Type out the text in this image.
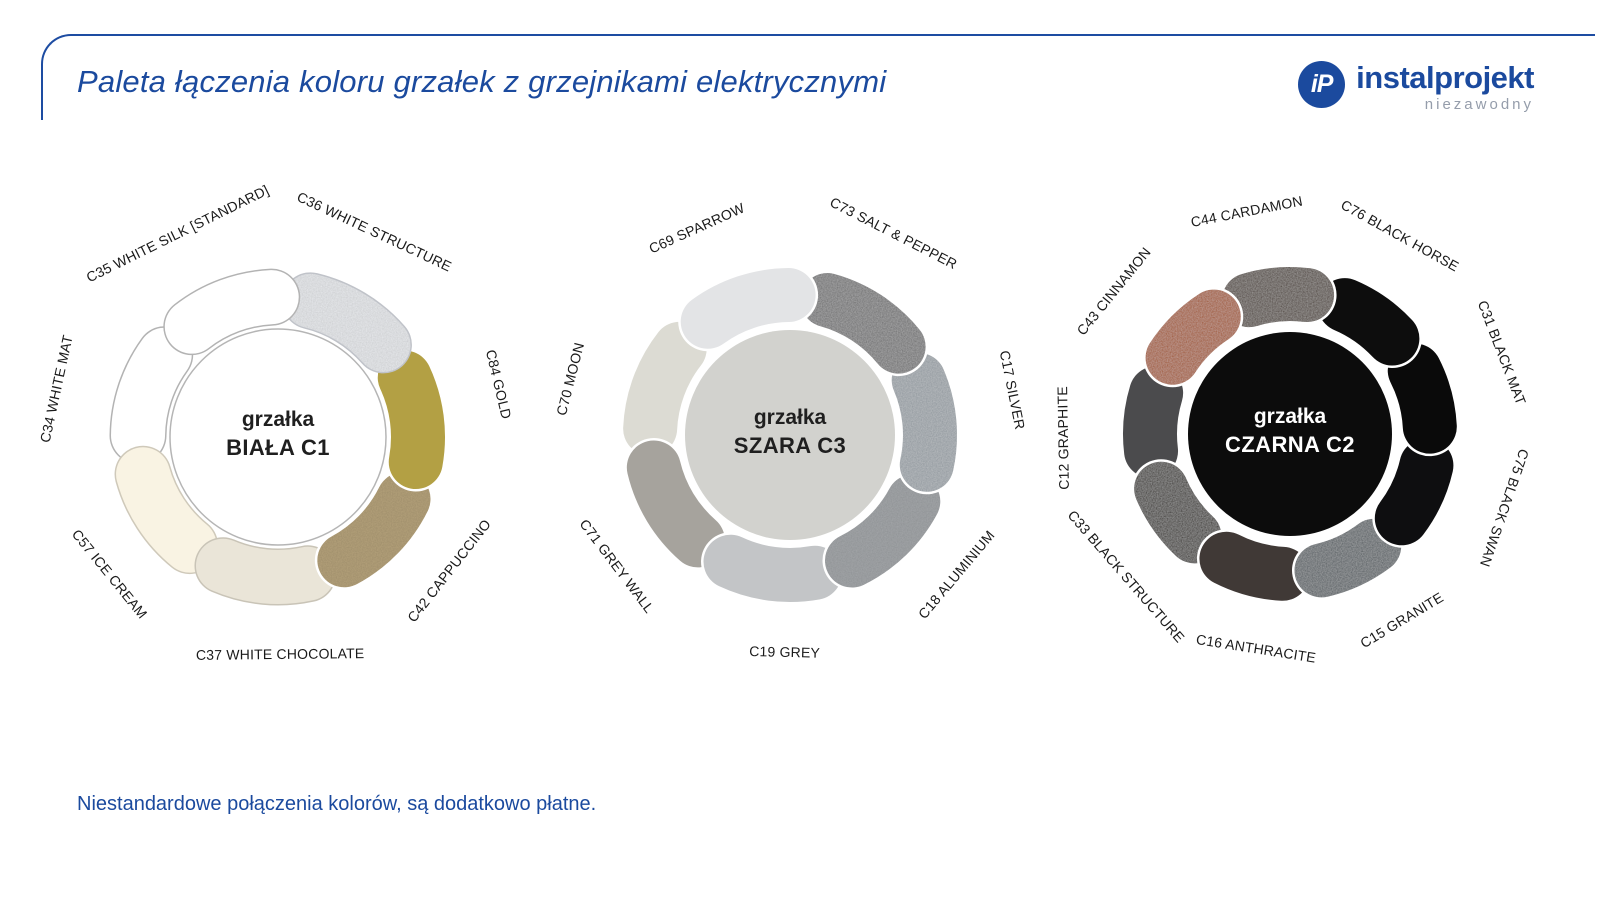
Paleta łączenia koloru grzałek z grzejnikami elektrycznymi	iP instalprojekt
niezawodny
grzałka
BIAŁA C1
C35 WHITE SILK [STANDARD] C36 WHITE STRUCTURE
C84 GOLD
C42 CAPPUCCINO
C37 WHITE CHOCOLATE
C57 ICE CREAM
C34 WHITE MAT	grzałka
SZARA C3
C69 SPARROW	C73 SALT & PEPPER
C17 SILVER
C18 ALUMINIUM
C19 GREY
C71 GREY WALL
C70 MOON	grzałka
CZARNA C2
C43 CINNAMON
C44 CARDAMON C76 BLACK HORSE
C31 BLACK MAT
C75 BLACK SWAN
C15 GRANITE
C16 ANTHRACITE
C33 BLACK STRUCTURE
C12 GRAPHITE
Niestandardowe połączenia kolorów, są dodatkowo płatne.
